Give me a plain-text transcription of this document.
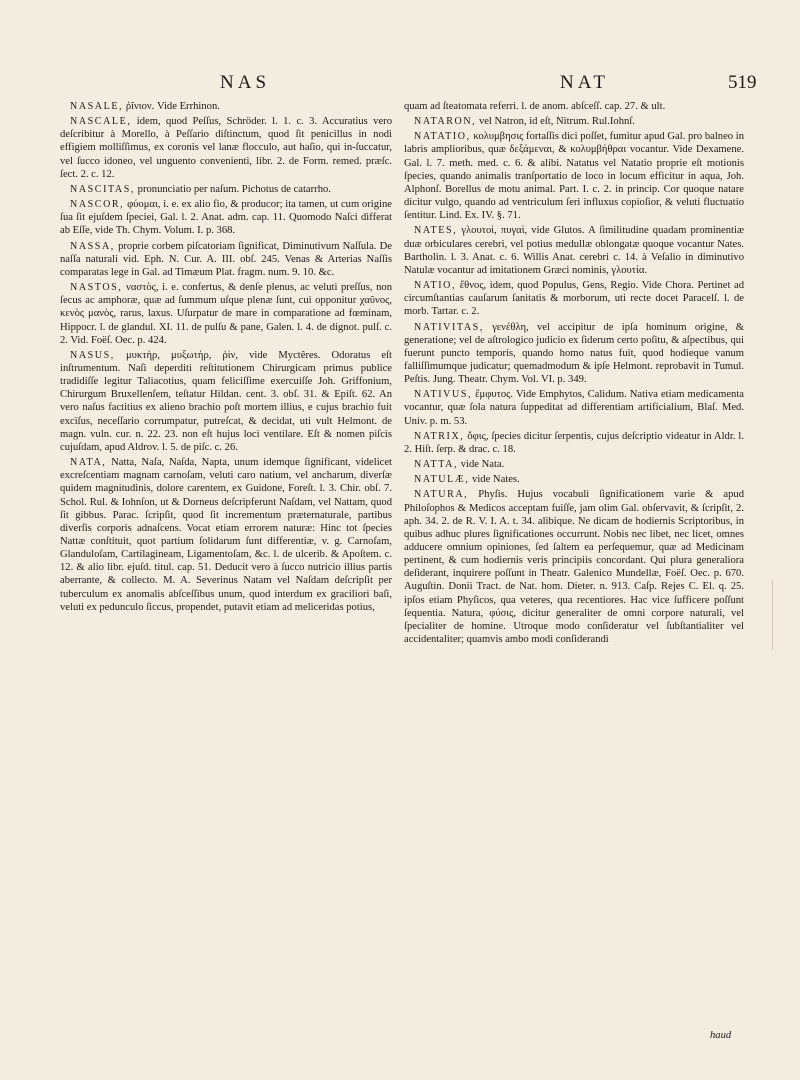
NAS	NAT	519

NASALE, ῤῖνιον. Vide Errhinon.

NASCALE, idem, quod Peſſus, Schröder. l. 1. c. 3. Accuratius vero deſcribitur à Morello, à Peſſario diſtinctum, quod ſit penicillus in nodi effigiem molliſſimus, ex coronis vel lanæ flocculo, aut haſio, qui in-ſuccatur, vel ſucco idoneo, vel unguento convenienti, libr. 2. de Form. remed. præſc. ſect. 2. c. 12.

NASCITAS, pronunciatio per naſum. Pichotus de catarrho.

NASCOR, φύομαι, i. e. ex alio fio, & producor; ita tamen, ut cum origine ſua ſit ejuſdem ſpeciei, Gal. l. 2. Anat. adm. cap. 11. Quomodo Naſci differat ab Eſſe, vide Th. Chym. Volum. I. p. 368.

NASSA, proprie corbem piſcatoriam ſignificat, Diminutivum Naſſula. De naſſa naturali vid. Eph. N. Cur. A. III. obſ. 245. Venas & Arterias Naſſis comparatas lege in Gal. ad Timæum Plat. fragm. num. 9. 10. &c.

NASTOS, ναστὸς, i. e. confertus, & denſe plenus, ac veluti preſſus, non ſecus ac amphoræ, quæ ad ſummum uſque plenæ ſunt, cui opponitur χαῦνος, κενὸς μανὸς, rarus, laxus. Uſurpatur de mare in comparatione ad fœminam, Hippocr. l. de glandul. XI. 11. de pulſu & pane, Galen. l. 4. de dignot. pulſ. c. 2. Vid. Foëſ. Oec. p. 424.

NASUS, μυκτὴρ, μυξωτὴρ, ῥὶν, vide Myctêres. Odoratus eſt inſtrumentum. Naſi deperditi reſtitutionem Chirurgicam primus publice tradidiſſe legitur Taliacotius, quam feliciſſime exercuiſſe Joh. Griffonium, Chirurgum Bruxellenſem, teſtatur Hildan. cent. 3. obſ. 31. & Epiſt. 62. An vero naſus factitius ex alieno brachio poſt mortem illius, e cujus brachio fuit excïſus, neceſſario corrumpatur, putreſcat, & decidat, uti vult Helmont. de magn. vuln. cur. n. 22. 23. non eſt hujus loci ventilare. Eſt & nomen piſcis cujuſdam, apud Aldrov. l. 5. de piſc. c. 26.

NATA, Natta, Naſa, Naſda, Napta, unum idemque ſignificant, videlicet excreſcentiam magnam carnoſam, veluti caro natium, vel ancharum, diverſæ quidem magnitudinis, dolore carentem, ex Guidone, Foreſt. l. 3. Chir. obſ. 7. Schol. Rul. & Iohnſon, ut & Dorneus deſcripferunt Naſdam, vel Nattam, quod ſit gibbus. Parac. ſcripſit, quod ſit incrementum præternaturale, partibus diverſis corporis adnaſcens. Vocat etiam errorem naturæ: Hinc tot ſpecies Nattæ conſtituit, quot partium ſolidarum ſunt differentiæ, v. g. Carnoſam, Glanduloſam, Cartilagineam, Ligamentoſam, &c. l. de ulcerib. & Apoſtem. c. 12. & alio libr. ejuſd. titul. cap. 51. Deducit vero à ſucco nutricio illius partis aberrante, & collecto. M. A. Severinus Natam vel Naſdam deſcripſit per tuberculum ex anomalis abſceſſibus unum, quod interdum ex graciliori baſi, veluti ex pedunculo ſiccus, propendet, putavit etiam ad meliceridas potius,

quam ad ſteatomata referri. l. de anom. abſceſſ. cap. 27. & ult.

NATARON, vel Natron, id eſt, Nitrum. Rul.Iohnſ.

NATATIO, κολυμβησις fortaſſis dici poſſet, fumitur apud Gal. pro balneo in labris amplioribus, quæ δεξάμεναι, & κολυμβήθραι vocantur. Vide Dexamene. Gal. l. 7. meth. med. c. 6. & alibi. Natatus vel Natatio proprie eſt motionis ſpecies, quando animalis tranſportatio de loco in locum efficitur in aqua, Joh. Alphonſ. Borellus de motu animal. Part. I. c. 2. in princip. Cor quoque natare dicitur vulgo, quando ad ventriculum ſeri influxus copioſior, & veluti fluctuatio ſentitur. Lind. Ex. IV. §. 71.

NATES, γλουτοὶ, πυγαὶ, vide Glutos. A ſimilitudine quadam prominentiæ duæ orbiculares cerebri, vel potius medullæ oblongatæ quoque vocantur Nates. Bartholin. l. 3. Anat. c. 6. Willis Anat. cerebri c. 14. à Veſalio in diminutivo Natulæ vocantur ad imitationem Græci nominis, γλουτία.

NATIO, ἔθνος, idem, quod Populus, Gens, Regio. Vide Chora. Pertinet ad circumſtantias cauſarum ſanitatis & morborum, uti recte docet Paracelſ. l. de morb. Tartar. c. 2.

NATIVITAS, γενέθλη, vel accipitur de ipſa hominum origine, & generatione; vel de aſtrologico judicio ex ſiderum certo poſitu, & aſpectibus, qui fuerunt puncto temporis, quando homo natus fuit, quod hodieque vanum falliſſimumque judicatur; quemadmodum & ipſe Helmont. reprobavit in Tumul. Peſtis. Jung. Theatr. Chym. Vol. VI. p. 349.

NATIVUS, ἔμφυτος. Vide Emphytos, Calidum. Nativa etiam medicamenta vocantur, quæ ſola natura ſuppeditat ad differentiam artificialium, Blaſ. Med. Univ. p. m. 53.

NATRIX, ὄφις, ſpecies dicitur ſerpentis, cujus deſcriptio videatur in Aldr. l. 2. Hiſt. ſerp. & drac. c. 18.

NATTA, vide Nata.

NATULÆ, vide Nates.

NATURA, Phyſis. Hujus vocabuli ſignificationem varie & apud Philoſophos & Medicos acceptam fuiſſe, jam olim Gal. obſervavit, & ſcripſit, 2. aph. 34. 2. de R. V. I. A. t. 34. alibique. Ne dicam de hodiernis Scriptoribus, in quibus adhuc plures ſignificationes occurrunt. Nobis nec libet, nec licet, omnes adducere omnium opiniones, ſed ſaltem ea perſequemur, quæ ad Medicinam pertinent, & cum hodiernis veris principiis concordant. Qui plura generaliora deſiderant, inquirere poſſunt in Theatr. Galenico Mundellæ, Foëſ. Oec. p. 670. Auguſtin. Donii Tract. de Nat. hom. Dieter. n. 913. Caſp. Rejes C. El. q. 25. ipſos etiam Phyſicos, qua veteres, qua recentiores. Hac vice ſufficere poſſunt ſequentia. Natura, φύσις, dicitur generaliter de omni corpore naturali, vel ſpecialiter de homine. Utroque modo conſideratur vel ſubſtantialiter vel accidentaliter; quamvis ambo modi conſiderandi

haud
